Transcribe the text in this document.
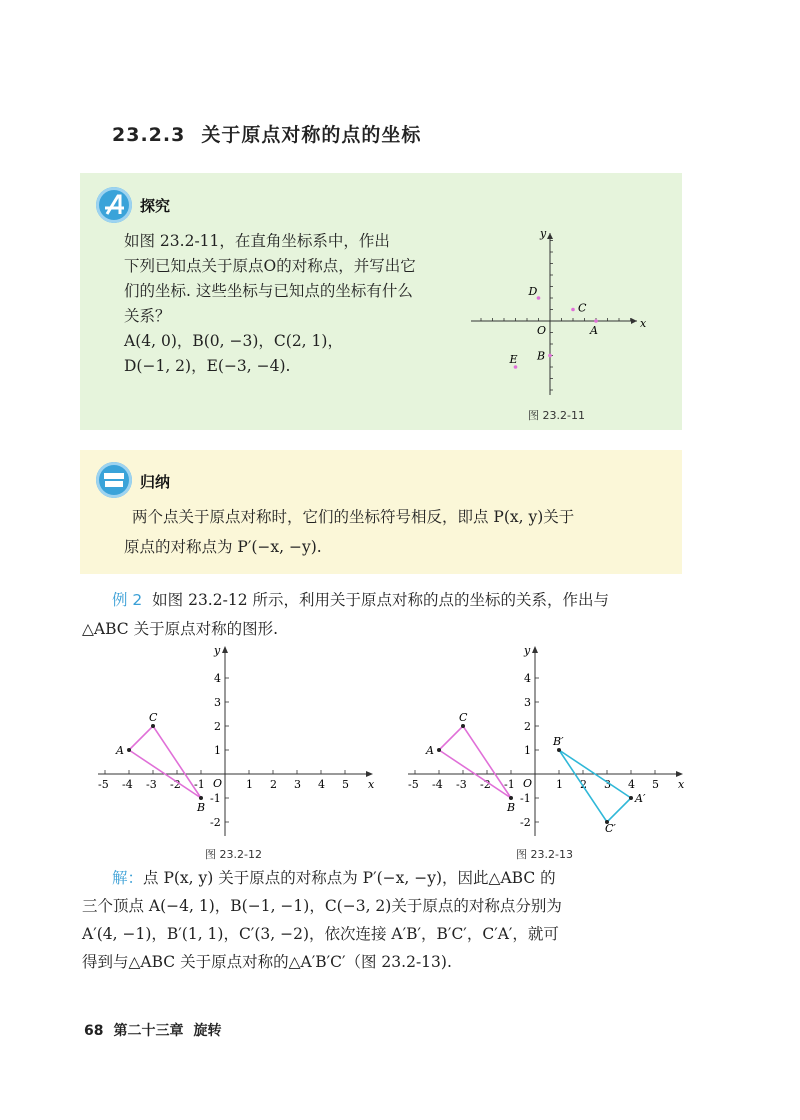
23.2.3 关于原点对称的点的坐标
探究
如图 23.2-11，在直角坐标系中，作出
下列已知点关于原点O的对称点，并写出它
们的坐标. 这些坐标与已知点的坐标有什么
关系？
A(4, 0)，B(0, −3)，C(2, 1)，
D(−1, 2)，E(−3, −4).
x
y
O	A
B
C
D
E
图 23.2-11
归纳
两个点关于原点对称时，它们的坐标符号相反，即点 P(x, y)关于
原点的对称点为 P′(−x, −y).
例 2 如图 23.2-12 所示，利用关于原点对称的点的坐标的关系，作出与
△ABC 关于原点对称的图形.
x
y
O
-5 -4 -3 -2 -1	1 2 3 4 5
4
3
2
1
-1
-2
A
B
C
图 23.2-12
x
y
O
-5 -4 -3 -2 -1	1 2 3 4 5
4
3
2
1
-1
-2
A
B
C
A′
B′
C′
图 23.2-13
解：点 P(x, y) 关于原点的对称点为 P′(−x, −y)，因此△ABC 的
三个顶点 A(−4, 1)，B(−1, −1)，C(−3, 2)关于原点的对称点分别为
A′(4, −1)，B′(1, 1)，C′(3, −2)，依次连接 A′B′，B′C′，C′A′，就可
得到与△ABC 关于原点对称的△A′B′C′（图 23.2-13).
68 第二十三章 旋转
